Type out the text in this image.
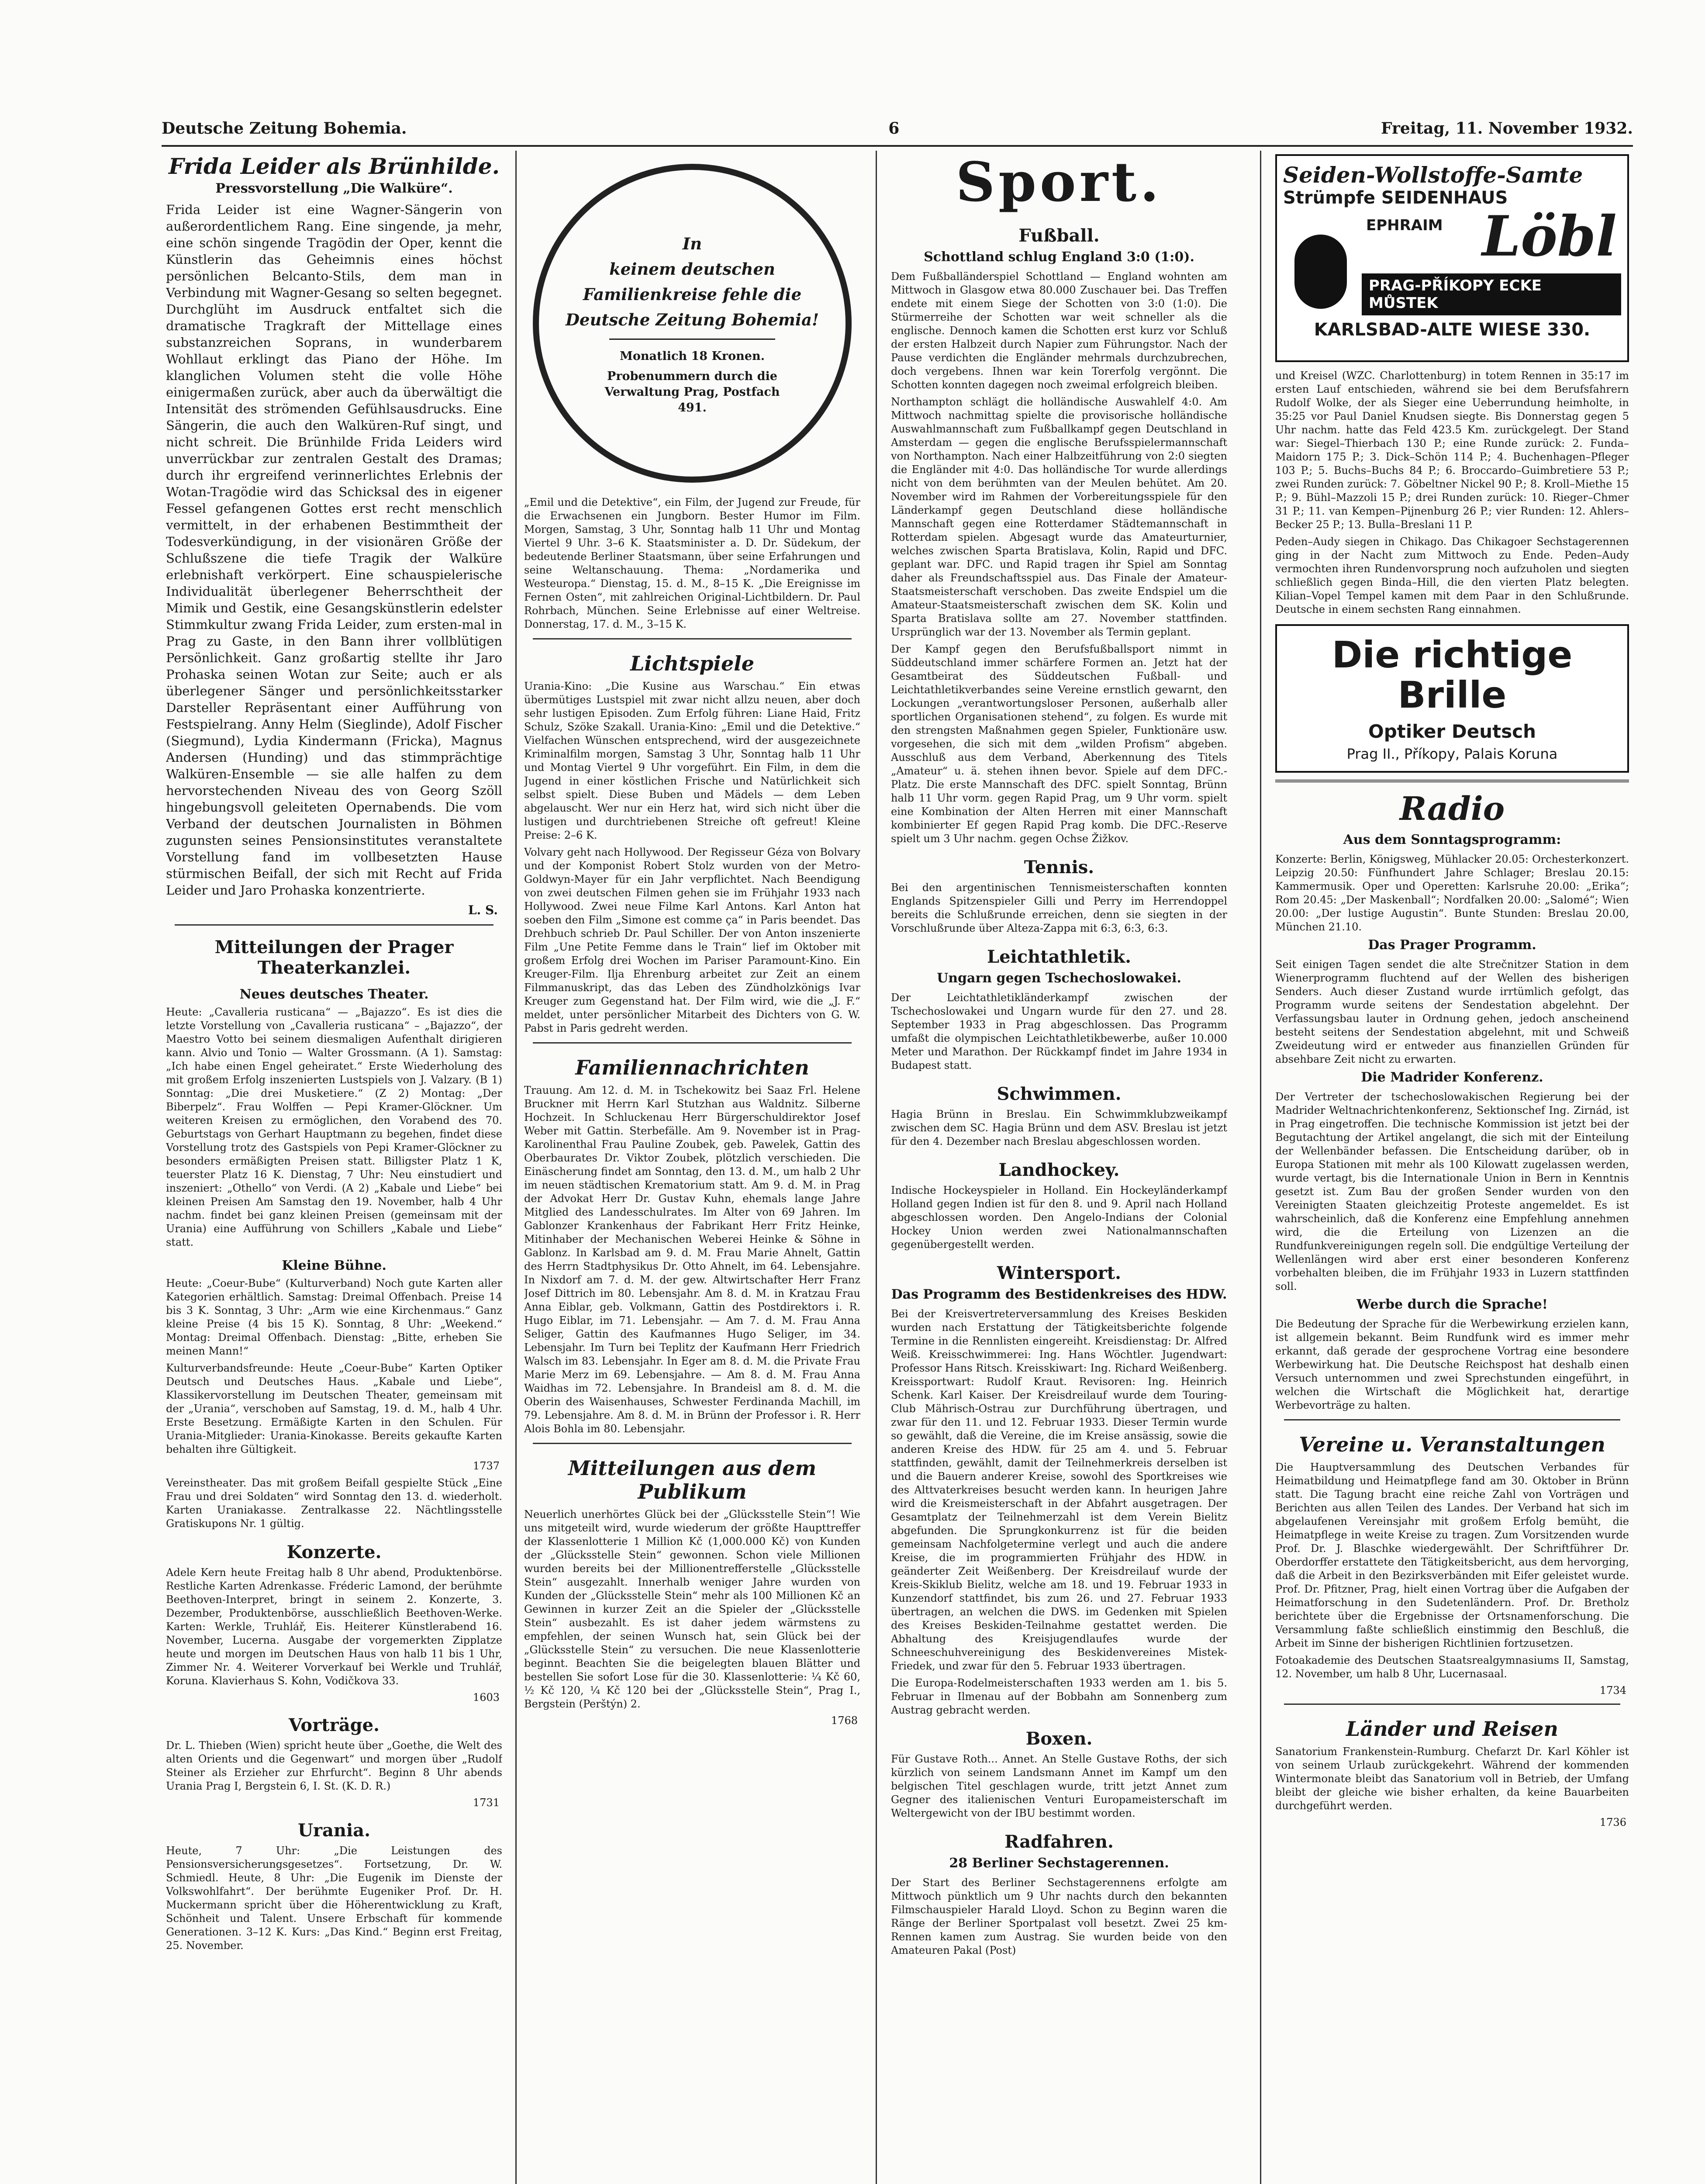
Deutsche Zeitung Bohemia.	6	Freitag, 11. November 1932.
Frida Leider als Brünhilde.
Pressvorstellung „Die Walküre“.

Frida Leider ist eine Wagner-Sängerin von außerordentlichem Rang. Eine singende, ja mehr, eine schön singende Tragödin der Oper, kennt die Künstlerin das Geheimnis eines höchst persönlichen Belcanto-Stils, dem man in Verbindung mit Wagner-Gesang so selten begegnet. Durchglüht im Ausdruck entfaltet sich die dramatische Tragkraft der Mittellage eines substanzreichen Soprans, in wunderbarem Wohllaut erklingt das Piano der Höhe. Im klanglichen Volumen steht die volle Höhe einigermaßen zurück, aber auch da überwältigt die Intensität des strömenden Gefühlsausdrucks. Eine Sängerin, die auch den Walküren-Ruf singt, und nicht schreit. Die Brünhilde Frida Leiders wird unverrückbar zur zentralen Gestalt des Dramas; durch ihr ergreifend verinnerlichtes Erlebnis der Wotan-Tragödie wird das Schicksal des in eigener Fessel gefangenen Gottes erst recht menschlich vermittelt, in der erhabenen Bestimmtheit der Todesverkündigung, in der visionären Größe der Schlußszene die tiefe Tragik der Walküre erlebnishaft verkörpert. Eine schauspielerische Individualität überlegener Beherrschtheit der Mimik und Gestik, eine Gesangskünstlerin edelster Stimmkultur zwang Frida Leider, zum ersten-mal in Prag zu Gaste, in den Bann ihrer vollblütigen Persönlichkeit. Ganz großartig stellte ihr Jaro Prohaska seinen Wotan zur Seite; auch er als überlegener Sänger und persönlichkeitsstarker Darsteller Repräsentant einer Aufführung von Festspielrang. Anny Helm (Sieglinde), Adolf Fischer (Siegmund), Lydia Kindermann (Fricka), Magnus Andersen (Hunding) und das stimmprächtige Walküren-Ensemble — sie alle halfen zu dem hervorstechenden Niveau des von Georg Szöll hingebungsvoll geleiteten Opernabends. Die vom Verband der deutschen Journalisten in Böhmen zugunsten seines Pensionsinstitutes veranstaltete Vorstellung fand im vollbesetzten Hause stürmischen Beifall, der sich mit Recht auf Frida Leider und Jaro Prohaska konzentrierte.

L. S.
Mitteilungen der Prager Theaterkanzlei.
Neues deutsches Theater.

Heute: „Cavalleria rusticana“ — „Bajazzo“. Es ist dies die letzte Vorstellung von „Cavalleria rusticana“ – „Bajazzo“, der Maestro Votto bei seinem diesmaligen Aufenthalt dirigieren kann. Alvio und Tonio — Walter Grossmann. (A 1). Samstag: „Ich habe einen Engel geheiratet.“ Erste Wiederholung des mit großem Erfolg inszenierten Lustspiels von J. Valzary. (B 1) Sonntag: „Die drei Musketiere.“ (Z 2) Montag: „Der Biberpelz“. Frau Wolffen — Pepi Kramer-Glöckner. Um weiteren Kreisen zu ermöglichen, den Vorabend des 70. Geburtstags von Gerhart Hauptmann zu begehen, findet diese Vorstellung trotz des Gastspiels von Pepi Kramer-Glöckner zu besonders ermäßigten Preisen statt. Billigster Platz 1 K, teuerster Platz 16 K. Dienstag, 7 Uhr: Neu einstudiert und inszeniert: „Othello“ von Verdi. (A 2) „Kabale und Liebe“ bei kleinen Preisen Am Samstag den 19. November, halb 4 Uhr nachm. findet bei ganz kleinen Preisen (gemeinsam mit der Urania) eine Aufführung von Schillers „Kabale und Liebe“ statt.

Kleine Bühne.

Heute: „Coeur-Bube“ (Kulturverband) Noch gute Karten aller Kategorien erhältlich. Samstag: Dreimal Offenbach. Preise 14 bis 3 K. Sonntag, 3 Uhr: „Arm wie eine Kirchenmaus.“ Ganz kleine Preise (4 bis 15 K). Sonntag, 8 Uhr: „Weekend.“ Montag: Dreimal Offenbach. Dienstag: „Bitte, erheben Sie meinen Mann!“

Kulturverbandsfreunde: Heute „Coeur-Bube“ Karten Optiker Deutsch und Deutsches Haus. „Kabale und Liebe“, Klassikervorstellung im Deutschen Theater, gemeinsam mit der „Urania“, verschoben auf Samstag, 19. d. M., halb 4 Uhr. Erste Besetzung. Ermäßigte Karten in den Schulen. Für Urania-Mitglieder: Urania-Kinokasse. Bereits gekaufte Karten behalten ihre Gültigkeit.

1737

Vereinstheater. Das mit großem Beifall gespielte Stück „Eine Frau und drei Soldaten“ wird Sonntag den 13. d. wiederholt. Karten Uraniakasse. Zentralkasse 22. Nächtlingsstelle Gratiskupons Nr. 1 gültig.

Konzerte.

Adele Kern heute Freitag halb 8 Uhr abend, Produktenbörse. Restliche Karten Adrenkasse. Fréderic Lamond, der berühmte Beethoven-Interpret, bringt in seinem 2. Konzerte, 3. Dezember, Produktenbörse, ausschließlich Beethoven-Werke. Karten: Werkle, Truhlář, Eis. Heiterer Künstlerabend 16. November, Lucerna. Ausgabe der vorgemerkten Zipplatze heute und morgen im Deutschen Haus von halb 11 bis 1 Uhr, Zimmer Nr. 4. Weiterer Vorverkauf bei Werkle und Truhlář, Koruna. Klavierhaus S. Kohn, Vodičkova 33.

1603
Vorträge.

Dr. L. Thieben (Wien) spricht heute über „Goethe, die Welt des alten Orients und die Gegenwart“ und morgen über „Rudolf Steiner als Erzieher zur Ehrfurcht“. Beginn 8 Uhr abends Urania Prag I, Bergstein 6, I. St. (K. D. R.)

1731
Urania.

Heute, 7 Uhr: „Die Leistungen des Pensionsversicherungsgesetzes“. Fortsetzung, Dr. W. Schmiedl. Heute, 8 Uhr: „Die Eugenik im Dienste der Volkswohlfahrt“. Der berühmte Eugeniker Prof. Dr. H. Muckermann spricht über die Höherentwicklung zu Kraft, Schönheit und Talent. Unsere Erbschaft für kommende Generationen. 3–12 K. Kurs: „Das Kind.“ Beginn erst Freitag, 25. November.

In
keinem deutschen
Familienkreise fehle die
Deutsche Zeitung Bohemia!
Monatlich 18 Kronen.
Probenummern durch die Verwaltung Prag, Postfach 491.

„Emil und die Detektive“, ein Film, der Jugend zur Freude, für die Erwachsenen ein Jungborn. Bester Humor im Film. Morgen, Samstag, 3 Uhr, Sonntag halb 11 Uhr und Montag Viertel 9 Uhr. 3–6 K. Staatsminister a. D. Dr. Südekum, der bedeutende Berliner Staatsmann, über seine Erfahrungen und seine Weltanschauung. Thema: „Nordamerika und Westeuropa.“ Dienstag, 15. d. M., 8–15 K. „Die Ereignisse im Fernen Osten“, mit zahlreichen Original-Lichtbildern. Dr. Paul Rohrbach, München. Seine Erlebnisse auf einer Weltreise. Donnerstag, 17. d. M., 3–15 K.

Lichtspiele

Urania-Kino: „Die Kusine aus Warschau.“ Ein etwas übermütiges Lustspiel mit zwar nicht allzu neuen, aber doch sehr lustigen Episoden. Zum Erfolg führen: Liane Haid, Fritz Schulz, Szöke Szakall. Urania-Kino: „Emil und die Detektive.“ Vielfachen Wünschen entsprechend, wird der ausgezeichnete Kriminalfilm morgen, Samstag 3 Uhr, Sonntag halb 11 Uhr und Montag Viertel 9 Uhr vorgeführt. Ein Film, in dem die Jugend in einer köstlichen Frische und Natürlichkeit sich selbst spielt. Diese Buben und Mädels — dem Leben abgelauscht. Wer nur ein Herz hat, wird sich nicht über die lustigen und durchtriebenen Streiche oft gefreut! Kleine Preise: 2–6 K.

Volvary geht nach Hollywood. Der Regisseur Géza von Bolvary und der Komponist Robert Stolz wurden von der Metro-Goldwyn-Mayer für ein Jahr verpflichtet. Nach Beendigung von zwei deutschen Filmen gehen sie im Frühjahr 1933 nach Hollywood. Zwei neue Filme Karl Antons. Karl Anton hat soeben den Film „Simone est comme ça“ in Paris beendet. Das Drehbuch schrieb Dr. Paul Schiller. Der von Anton inszenierte Film „Une Petite Femme dans le Train“ lief im Oktober mit großem Erfolg drei Wochen im Pariser Paramount-Kino. Ein Kreuger-Film. Ilja Ehrenburg arbeitet zur Zeit an einem Filmmanuskript, das das Leben des Zündholzkönigs Ivar Kreuger zum Gegenstand hat. Der Film wird, wie die „J. F.“ meldet, unter persönlicher Mitarbeit des Dichters von G. W. Pabst in Paris gedreht werden.

Familiennachrichten

Trauung. Am 12. d. M. in Tschekowitz bei Saaz Frl. Helene Bruckner mit Herrn Karl Stutzhan aus Waldnitz. Silberne Hochzeit. In Schluckenau Herr Bürgerschuldirektor Josef Weber mit Gattin. Sterbefälle. Am 9. November ist in Prag-Karolinenthal Frau Pauline Zoubek, geb. Pawelek, Gattin des Oberbaurates Dr. Viktor Zoubek, plötzlich verschieden. Die Einäscherung findet am Sonntag, den 13. d. M., um halb 2 Uhr im neuen städtischen Krematorium statt. Am 9. d. M. in Prag der Advokat Herr Dr. Gustav Kuhn, ehemals lange Jahre Mitglied des Landesschulrates. Im Alter von 69 Jahren. Im Gablonzer Krankenhaus der Fabrikant Herr Fritz Heinke, Mitinhaber der Mechanischen Weberei Heinke & Söhne in Gablonz. In Karlsbad am 9. d. M. Frau Marie Ahnelt, Gattin des Herrn Stadtphysikus Dr. Otto Ahnelt, im 64. Lebensjahre. In Nixdorf am 7. d. M. der gew. Altwirtschafter Herr Franz Josef Dittrich im 80. Lebensjahr. Am 8. d. M. in Kratzau Frau Anna Eiblar, geb. Volkmann, Gattin des Postdirektors i. R. Hugo Eiblar, im 71. Lebensjahr. — Am 7. d. M. Frau Anna Seliger, Gattin des Kaufmannes Hugo Seliger, im 34. Lebensjahr. Im Turn bei Teplitz der Kaufmann Herr Friedrich Walsch im 83. Lebensjahr. In Eger am 8. d. M. die Private Frau Marie Merz im 69. Lebensjahre. — Am 8. d. M. Frau Anna Waidhas im 72. Lebensjahre. In Brandeisl am 8. d. M. die Oberin des Waisenhauses, Schwester Ferdinanda Machill, im 79. Lebensjahre. Am 8. d. M. in Brünn der Professor i. R. Herr Alois Bohla im 80. Lebensjahr.

Mitteilungen aus dem Publikum

Neuerlich unerhörtes Glück bei der „Glücksstelle Stein“! Wie uns mitgeteilt wird, wurde wiederum der größte Haupttreffer der Klassenlotterie 1 Million Kč (1,000.000 Kč) von Kunden der „Glücksstelle Stein“ gewonnen. Schon viele Millionen wurden bereits bei der Millionentrefferstelle „Glücksstelle Stein“ ausgezahlt. Innerhalb weniger Jahre wurden von Kunden der „Glücksstelle Stein“ mehr als 100 Millionen Kč an Gewinnen in kurzer Zeit an die Spieler der „Glücksstelle Stein“ ausbezahlt. Es ist daher jedem wärmstens zu empfehlen, der seinen Wunsch hat, sein Glück bei der „Glücksstelle Stein“ zu versuchen. Die neue Klassenlotterie beginnt. Beachten Sie die beigelegten blauen Blätter und bestellen Sie sofort Lose für die 30. Klassenlotterie: ¼ Kč 60, ½ Kč 120, ¼ Kč 120 bei der „Glücksstelle Stein“, Prag I., Bergstein (Perštýn) 2.

1768
Sport.
Fußball.
Schottland schlug England 3:0 (1:0).

Dem Fußballänderspiel Schottland — England wohnten am Mittwoch in Glasgow etwa 80.000 Zuschauer bei. Das Treffen endete mit einem Siege der Schotten von 3:0 (1:0). Die Stürmerreihe der Schotten war weit schneller als die englische. Dennoch kamen die Schotten erst kurz vor Schluß der ersten Halbzeit durch Napier zum Führungstor. Nach der Pause verdichten die Engländer mehrmals durchzubrechen, doch vergebens. Ihnen war kein Torerfolg vergönnt. Die Schotten konnten dagegen noch zweimal erfolgreich bleiben.

Northampton schlägt die holländische Auswahlelf 4:0. Am Mittwoch nachmittag spielte die provisorische holländische Auswahlmannschaft zum Fußballkampf gegen Deutschland in Amsterdam — gegen die englische Berufsspielermannschaft von Northampton. Nach einer Halbzeitführung von 2:0 siegten die Engländer mit 4:0. Das holländische Tor wurde allerdings nicht von dem berühmten van der Meulen behütet. Am 20. November wird im Rahmen der Vorbereitungsspiele für den Länderkampf gegen Deutschland diese holländische Mannschaft gegen eine Rotterdamer Städtemannschaft in Rotterdam spielen. Abgesagt wurde das Amateurturnier, welches zwischen Sparta Bratislava, Kolin, Rapid und DFC. geplant war. DFC. und Rapid tragen ihr Spiel am Sonntag daher als Freundschaftsspiel aus. Das Finale der Amateur-Staatsmeisterschaft verschoben. Das zweite Endspiel um die Amateur-Staatsmeisterschaft zwischen dem SK. Kolin und Sparta Bratislava sollte am 27. November stattfinden. Ursprünglich war der 13. November als Termin geplant.

Der Kampf gegen den Berufsfußballsport nimmt in Süddeutschland immer schärfere Formen an. Jetzt hat der Gesamtbeirat des Süddeutschen Fußball- und Leichtathletikverbandes seine Vereine ernstlich gewarnt, den Lockungen „verantwortungsloser Personen, außerhalb aller sportlichen Organisationen stehend“, zu folgen. Es wurde mit den strengsten Maßnahmen gegen Spieler, Funktionäre usw. vorgesehen, die sich mit dem „wilden Profism“ abgeben. Ausschluß aus dem Verband, Aberkennung des Titels „Amateur“ u. ä. stehen ihnen bevor. Spiele auf dem DFC.-Platz. Die erste Mannschaft des DFC. spielt Sonntag, Brünn halb 11 Uhr vorm. gegen Rapid Prag, um 9 Uhr vorm. spielt eine Kombination der Alten Herren mit einer Mannschaft kombinierter Ef gegen Rapid Prag komb. Die DFC.-Reserve spielt um 3 Uhr nachm. gegen Ochse Žižkov.

Tennis.

Bei den argentinischen Tennismeisterschaften konnten Englands Spitzenspieler Gilli und Perry im Herrendoppel bereits die Schlußrunde erreichen, denn sie siegten in der Vorschlußrunde über Alteza-Zappa mit 6:3, 6:3, 6:3.

Leichtathletik.
Ungarn gegen Tschechoslowakei.

Der Leichtathletikländerkampf zwischen der Tschechoslowakei und Ungarn wurde für den 27. und 28. September 1933 in Prag abgeschlossen. Das Programm umfaßt die olympischen Leichtathletikbewerbe, außer 10.000 Meter und Marathon. Der Rückkampf findet im Jahre 1934 in Budapest statt.

Schwimmen.

Hagia Brünn in Breslau. Ein Schwimmklubzweikampf zwischen dem SC. Hagia Brünn und dem ASV. Breslau ist jetzt für den 4. Dezember nach Breslau abgeschlossen worden.

Landhockey.

Indische Hockeyspieler in Holland. Ein Hockeyländerkampf Holland gegen Indien ist für den 8. und 9. April nach Holland abgeschlossen worden. Den Angelo-Indians der Colonial Hockey Union werden zwei Nationalmannschaften gegenübergestellt werden.

Wintersport.
Das Programm des Bestidenkreises des HDW.

Bei der Kreisvertreterversammlung des Kreises Beskiden wurden nach Erstattung der Tätigkeitsberichte folgende Termine in die Rennlisten eingereiht. Kreisdienstag: Dr. Alfred Weiß. Kreisschwimmerei: Ing. Hans Wöchtler. Jugendwart: Professor Hans Ritsch. Kreisskiwart: Ing. Richard Weißenberg. Kreissportwart: Rudolf Kraut. Revisoren: Ing. Heinrich Schenk. Karl Kaiser. Der Kreisdreilauf wurde dem Touring-Club Mährisch-Ostrau zur Durchführung übertragen, und zwar für den 11. und 12. Februar 1933. Dieser Termin wurde so gewählt, daß die Vereine, die im Kreise ansässig, sowie die anderen Kreise des HDW. für 25 am 4. und 5. Februar stattfinden, gewählt, damit der Teilnehmerkreis derselben ist und die Bauern anderer Kreise, sowohl des Sportkreises wie des Alttvaterkreises besucht werden kann. In heurigen Jahre wird die Kreismeisterschaft in der Abfahrt ausgetragen. Der Gesamtplatz der Teilnehmerzahl ist dem Verein Bielitz abgefunden. Die Sprungkonkurrenz ist für die beiden gemeinsam Nachfolgetermine verlegt und auch die andere Kreise, die im programmierten Frühjahr des HDW. in geänderter Zeit Weißenberg. Der Kreisdreilauf wurde der Kreis-Skiklub Bielitz, welche am 18. und 19. Februar 1933 in Kunzendorf stattfindet, bis zum 26. und 27. Februar 1933 übertragen, an welchen die DWS. im Gedenken mit Spielen des Kreises Beskiden-Teilnahme gestattet werden. Die Abhaltung des Kreisjugendlaufes wurde der Schneeschuhvereinigung des Beskidenvereines Mistek-Friedek, und zwar für den 5. Februar 1933 übertragen.

Die Europa-Rodelmeisterschaften 1933 werden am 1. bis 5. Februar in Ilmenau auf der Bobbahn am Sonnenberg zum Austrag gebracht werden.

Boxen.

Für Gustave Roth... Annet. An Stelle Gustave Roths, der sich kürzlich von seinem Landsmann Annet im Kampf um den belgischen Titel geschlagen wurde, tritt jetzt Annet zum Gegner des italienischen Venturi Europameisterschaft im Weltergewicht von der IBU bestimmt worden.

Radfahren.
28 Berliner Sechstagerennen.

Der Start des Berliner Sechstagerennens erfolgte am Mittwoch pünktlich um 9 Uhr nachts durch den bekannten Filmschauspieler Harald Lloyd. Schon zu Beginn waren die Ränge der Berliner Sportpalast voll besetzt. Zwei 25 km-Rennen kamen zum Austrag. Sie wurden beide von den Amateuren Pakal (Post)

Seiden-Wollstoffe-Samte
Strümpfe SEIDENHAUS
EPHRAIM Löbl
PRAG-PŘÍKOPY ECKE MŮSTEK
KARLSBAD-ALTE WIESE 330.

und Kreisel (WZC. Charlottenburg) in totem Rennen in 35:17 im ersten Lauf entschieden, während sie bei dem Berufsfahrern Rudolf Wolke, der als Sieger eine Ueberrundung heimholte, in 35:25 vor Paul Daniel Knudsen siegte. Bis Donnerstag gegen 5 Uhr nachm. hatte das Feld 423.5 Km. zurückgelegt. Der Stand war: Siegel–Thierbach 130 P.; eine Runde zurück: 2. Funda–Maidorn 175 P.; 3. Dick–Schön 114 P.; 4. Buchenhagen–Pfleger 103 P.; 5. Buchs–Buchs 84 P.; 6. Broccardo–Guimbretiere 53 P.; zwei Runden zurück: 7. Göbeltner Nickel 90 P.; 8. Kroll–Miethe 15 P.; 9. Bühl–Mazzoli 15 P.; drei Runden zurück: 10. Rieger–Chmer 31 P.; 11. van Kempen–Pijnenburg 26 P.; vier Runden: 12. Ahlers–Becker 25 P.; 13. Bulla–Breslani 11 P.

Peden–Audy siegen in Chikago. Das Chikagoer Sechstagerennen ging in der Nacht zum Mittwoch zu Ende. Peden–Audy vermochten ihren Rundenvorsprung noch aufzuholen und siegten schließlich gegen Binda–Hill, die den vierten Platz belegten. Kilian–Vopel Tempel kamen mit dem Paar in den Schlußrunde. Deutsche in einem sechsten Rang einnahmen.

Die richtige Brille
Optiker Deutsch
Prag II., Příkopy, Palais Koruna
Radio
Aus dem Sonntagsprogramm:

Konzerte: Berlin, Königsweg, Mühlacker 20.05: Orchesterkonzert. Leipzig 20.50: Fünfhundert Jahre Schlager; Breslau 20.15: Kammermusik. Oper und Operetten: Karlsruhe 20.00: „Erika“; Rom 20.45: „Der Maskenball“; Nordfalken 20.00: „Salomé“; Wien 20.00: „Der lustige Augustin“. Bunte Stunden: Breslau 20.00, München 21.10.

Das Prager Programm.

Seit einigen Tagen sendet die alte Strečnitzer Station in dem Wienerprogramm fluchtend auf der Wellen des bisherigen Senders. Auch dieser Zustand wurde irrtümlich gefolgt, das Programm wurde seitens der Sendestation abgelehnt. Der Verfassungsbau lauter in Ordnung gehen, jedoch anscheinend besteht seitens der Sendestation abgelehnt, mit und Schweiß Zweideutung wird er entweder aus finanziellen Gründen für absehbare Zeit nicht zu erwarten.

Die Madrider Konferenz.

Der Vertreter der tschechoslowakischen Regierung bei der Madrider Weltnachrichtenkonferenz, Sektionschef Ing. Zirnád, ist in Prag eingetroffen. Die technische Kommission ist jetzt bei der Begutachtung der Artikel angelangt, die sich mit der Einteilung der Wellenbänder befassen. Die Entscheidung darüber, ob in Europa Stationen mit mehr als 100 Kilowatt zugelassen werden, wurde vertagt, bis die Internationale Union in Bern in Kenntnis gesetzt ist. Zum Bau der großen Sender wurden von den Vereinigten Staaten gleichzeitig Proteste angemeldet. Es ist wahrscheinlich, daß die Konferenz eine Empfehlung annehmen wird, die die Erteilung von Lizenzen an die Rundfunkvereinigungen regeln soll. Die endgültige Verteilung der Wellenlängen wird aber erst einer besonderen Konferenz vorbehalten bleiben, die im Frühjahr 1933 in Luzern stattfinden soll.

Werbe durch die Sprache!

Die Bedeutung der Sprache für die Werbewirkung erzielen kann, ist allgemein bekannt. Beim Rundfunk wird es immer mehr erkannt, daß gerade der gesprochene Vortrag eine besondere Werbewirkung hat. Die Deutsche Reichspost hat deshalb einen Versuch unternommen und zwei Sprechstunden eingeführt, in welchen die Wirtschaft die Möglichkeit hat, derartige Werbevorträge zu halten.

Vereine u. Veranstaltungen

Die Hauptversammlung des Deutschen Verbandes für Heimatbildung und Heimatpflege fand am 30. Oktober in Brünn statt. Die Tagung bracht eine reiche Zahl von Vorträgen und Berichten aus allen Teilen des Landes. Der Verband hat sich im abgelaufenen Vereinsjahr mit großem Erfolg bemüht, die Heimatpflege in weite Kreise zu tragen. Zum Vorsitzenden wurde Prof. Dr. J. Blaschke wiedergewählt. Der Schriftführer Dr. Oberdorffer erstattete den Tätigkeitsbericht, aus dem hervorging, daß die Arbeit in den Bezirksverbänden mit Eifer geleistet wurde. Prof. Dr. Pfitzner, Prag, hielt einen Vortrag über die Aufgaben der Heimatforschung in den Sudetenländern. Prof. Dr. Bretholz berichtete über die Ergebnisse der Ortsnamenforschung. Die Versammlung faßte schließlich einstimmig den Beschluß, die Arbeit im Sinne der bisherigen Richtlinien fortzusetzen.

Fotoakademie des Deutschen Staatsrealgymnasiums II, Samstag, 12. November, um halb 8 Uhr, Lucernasaal.

1734
Länder und Reisen

Sanatorium Frankenstein-Rumburg. Chefarzt Dr. Karl Köhler ist von seinem Urlaub zurückgekehrt. Während der kommenden Wintermonate bleibt das Sanatorium voll in Betrieb, der Umfang bleibt der gleiche wie bisher erhalten, da keine Bauarbeiten durchgeführt werden.

1736
